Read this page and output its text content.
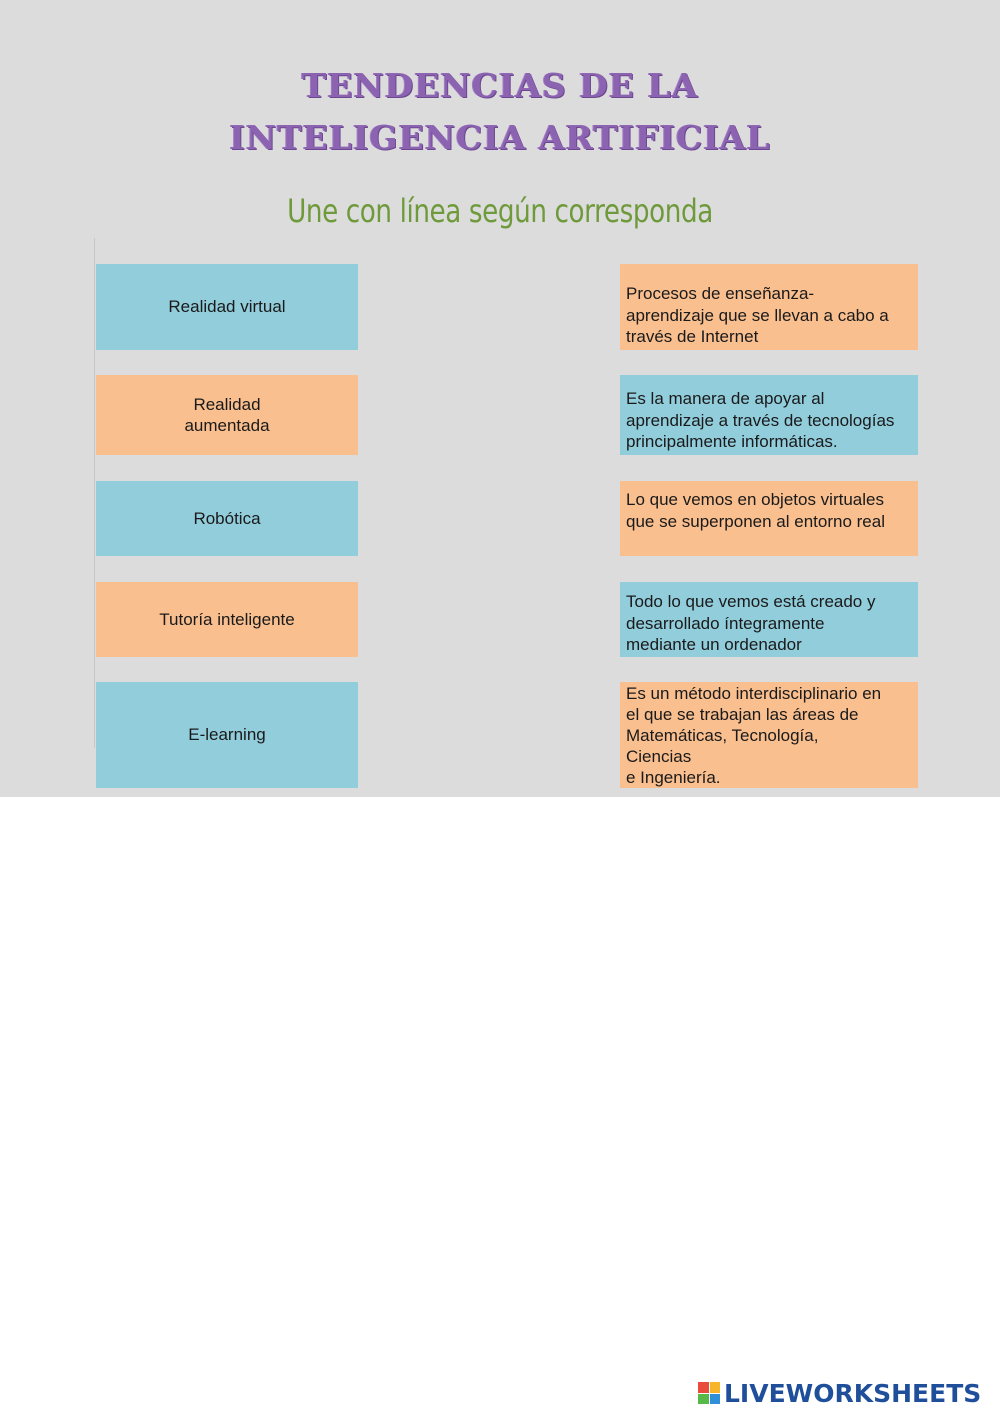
TENDENCIAS DE LA
INTELIGENCIA ARTIFICIAL

Une con línea según corresponda

Realidad virtual
Realidad
aumentada
Robótica
Tutoría inteligente
E-learning
Procesos de enseñanza-
aprendizaje que se llevan a cabo a
través de Internet
Es la manera de apoyar al
aprendizaje a través de tecnologías
principalmente informáticas.
Lo que vemos en objetos virtuales
que se superponen al entorno real
Todo lo que vemos está creado y
desarrollado íntegramente
mediante un ordenador
Es un método interdisciplinario en
el que se trabajan las áreas de
Matemáticas, Tecnología,
Ciencias
e Ingeniería.
LIVEWORKSHEETS
